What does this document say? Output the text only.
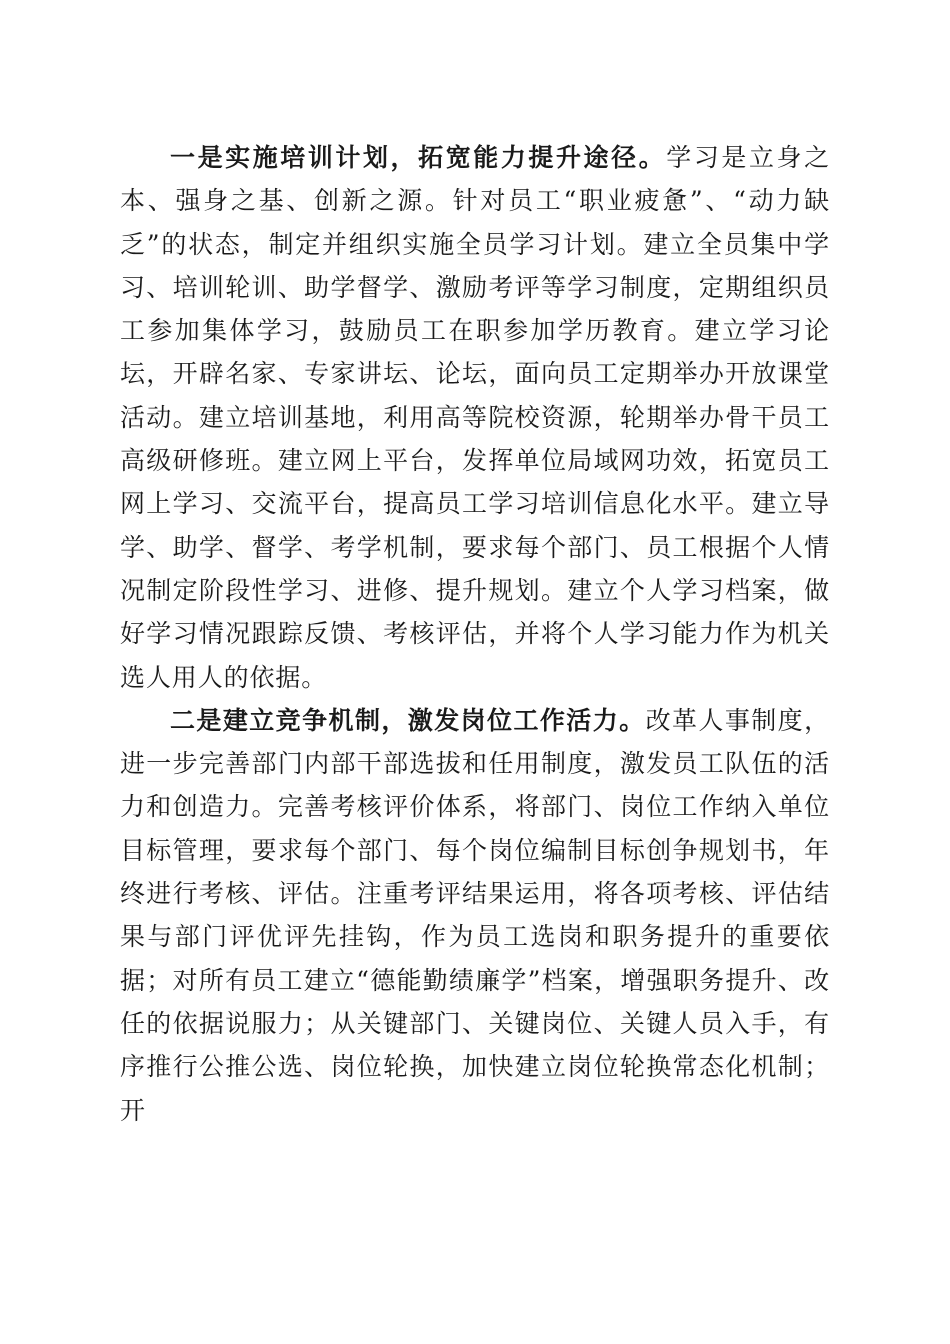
一是实施培训计划，拓宽能力提升途径。学习是立身之本、强身之基、创新之源。针对员工“职业疲惫”、“动力缺乏”的状态，制定并组织实施全员学习计划。建立全员集中学习、培训轮训、助学督学、激励考评等学习制度，定期组织员工参加集体学习，鼓励员工在职参加学历教育。建立学习论坛，开辟名家、专家讲坛、论坛，面向员工定期举办开放课堂活动。建立培训基地，利用高等院校资源，轮期举办骨干员工高级研修班。建立网上平台，发挥单位局域网功效，拓宽员工网上学习、交流平台，提高员工学习培训信息化水平。建立导学、助学、督学、考学机制，要求每个部门、员工根据个人情况制定阶段性学习、进修、提升规划。建立个人学习档案，做好学习情况跟踪反馈、考核评估，并将个人学习能力作为机关选人用人的依据。

二是建立竞争机制，激发岗位工作活力。改革人事制度，进一步完善部门内部干部选拔和任用制度，激发员工队伍的活力和创造力。完善考核评价体系，将部门、岗位工作纳入单位目标管理，要求每个部门、每个岗位编制目标创争规划书，年终进行考核、评估。注重考评结果运用，将各项考核、评估结果与部门评优评先挂钩，作为员工选岗和职务提升的重要依据；对所有员工建立“德能勤绩廉学”档案，增强职务提升、改任的依据说服力；从关键部门、关键岗位、关键人员入手，有序推行公推公选、岗位轮换，加快建立岗位轮换常态化机制；开
